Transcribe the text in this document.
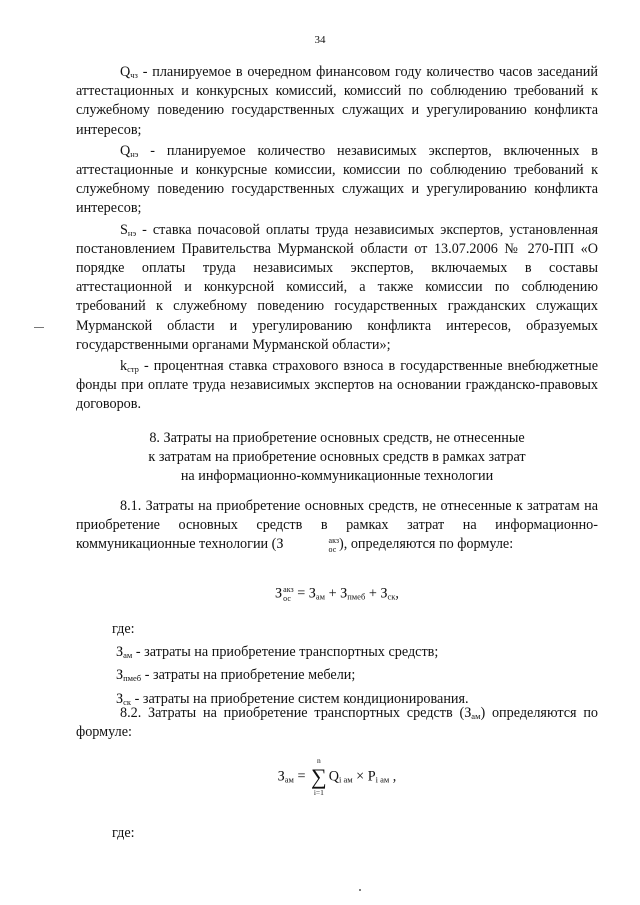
34

$Q_{чз}$ - планируемое в очередном финансовом году количество часов заседаний аттестационных и конкурсных комиссий, комиссий по соблюдению требований к служебному поведению государственных служащих и урегулированию конфликта интересов;

$Q_{нэ}$ - планируемое количество независимых экспертов, включенных в аттестационные и конкурсные комиссии, комиссии по соблюдению требований к служебному поведению государственных служащих и урегулированию конфликта интересов;

$S_{нэ}$ - ставка почасовой оплаты труда независимых экспертов, установленная постановлением Правительства Мурманской области от 13.07.2006 № 270-ПП «О порядке оплаты труда независимых экспертов, включаемых в составы аттестационной и конкурсной комиссий, а также комиссии по соблюдению требований к служебному поведению государственных гражданских служащих Мурманской области и урегулированию конфликта интересов, образуемых государственными органами Мурманской области»;

$k_{стр}$ - процентная ставка страхового взноса в государственные внебюджетные фонды при оплате труда независимых экспертов на основании гражданско-правовых договоров.

8. Затраты на приобретение основных средств, не отнесенные
к затратам на приобретение основных средств в рамках затрат
на информационно-коммуникационные технологии

8.1. Затраты на приобретение основных средств, не отнесенные к затратам на приобретение основных средств в рамках затрат на информационно-коммуникационные технологии (З	акз
ос ), определяются по формуле:

З акз
ос = $З_{ам} + З_{пмеб} + З_{ск}$,
где:
$З_{ам}$ - затраты на приобретение транспортных средств;
$З_{пмеб}$ - затраты на приобретение мебели;
$З_{ск}$ - затраты на приобретение систем кондиционирования.

8.2. Затраты на приобретение транспортных средств $(З_{ам})$ определяются по формуле:

$З_{ам}$ =
n
∑
i=1
$Q_{i ам} \times P_{i ам}$ ,
где:
